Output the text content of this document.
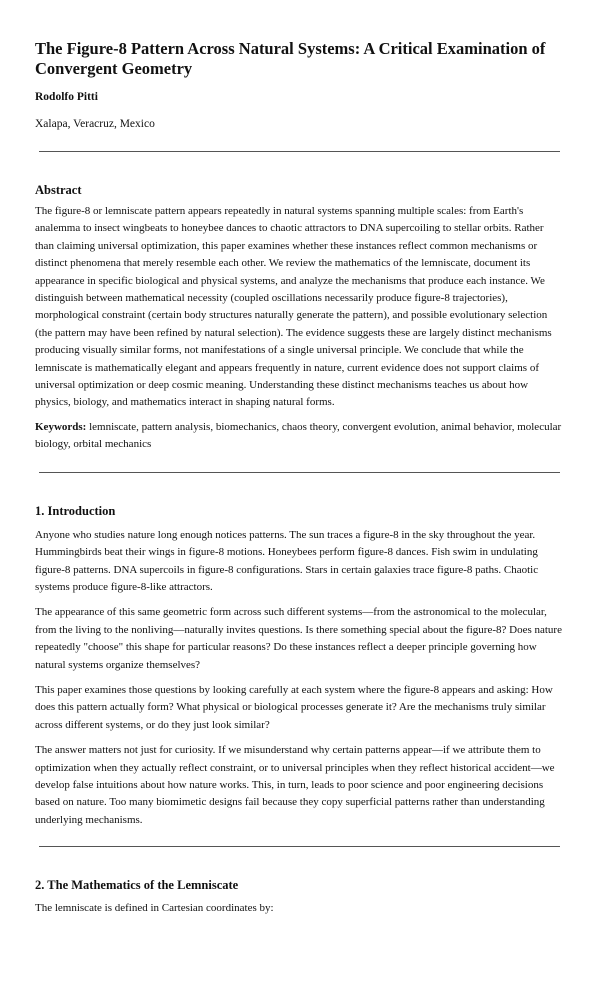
The Figure-8 Pattern Across Natural Systems: A Critical Examination of Convergent Geometry

Rodolfo Pitti

Xalapa, Veracruz, Mexico

Abstract

The figure-8 or lemniscate pattern appears repeatedly in natural systems spanning multiple scales: from Earth's analemma to insect wingbeats to honeybee dances to chaotic attractors to DNA supercoiling to stellar orbits. Rather than claiming universal optimization, this paper examines whether these instances reflect common mechanisms or distinct phenomena that merely resemble each other. We review the mathematics of the lemniscate, document its appearance in specific biological and physical systems, and analyze the mechanisms that produce each instance. We distinguish between mathematical necessity (coupled oscillations necessarily produce figure-8 trajectories), morphological constraint (certain body structures naturally generate the pattern), and possible evolutionary selection (the pattern may have been refined by natural selection). The evidence suggests these are largely distinct mechanisms producing visually similar forms, not manifestations of a single universal principle. We conclude that while the lemniscate is mathematically elegant and appears frequently in nature, current evidence does not support claims of universal optimization or deep cosmic meaning. Understanding these distinct mechanisms teaches us about how physics, biology, and mathematics interact in shaping natural forms.

Keywords: lemniscate, pattern analysis, biomechanics, chaos theory, convergent evolution, animal behavior, molecular biology, orbital mechanics

1. Introduction

Anyone who studies nature long enough notices patterns. The sun traces a figure-8 in the sky throughout the year. Hummingbirds beat their wings in figure-8 motions. Honeybees perform figure-8 dances. Fish swim in undulating figure-8 patterns. DNA supercoils in figure-8 configurations. Stars in certain galaxies trace figure-8 paths. Chaotic systems produce figure-8-like attractors.

The appearance of this same geometric form across such different systems—from the astronomical to the molecular, from the living to the nonliving—naturally invites questions. Is there something special about the figure-8? Does nature repeatedly "choose" this shape for particular reasons? Do these instances reflect a deeper principle governing how natural systems organize themselves?

This paper examines those questions by looking carefully at each system where the figure-8 appears and asking: How does this pattern actually form? What physical or biological processes generate it? Are the mechanisms truly similar across different systems, or do they just look similar?

The answer matters not just for curiosity. If we misunderstand why certain patterns appear—if we attribute them to optimization when they actually reflect constraint, or to universal principles when they reflect historical accident—we develop false intuitions about how nature works. This, in turn, leads to poor science and poor engineering decisions based on nature. Too many biomimetic designs fail because they copy superficial patterns rather than understanding underlying mechanisms.

2. The Mathematics of the Lemniscate

The lemniscate is defined in Cartesian coordinates by:
